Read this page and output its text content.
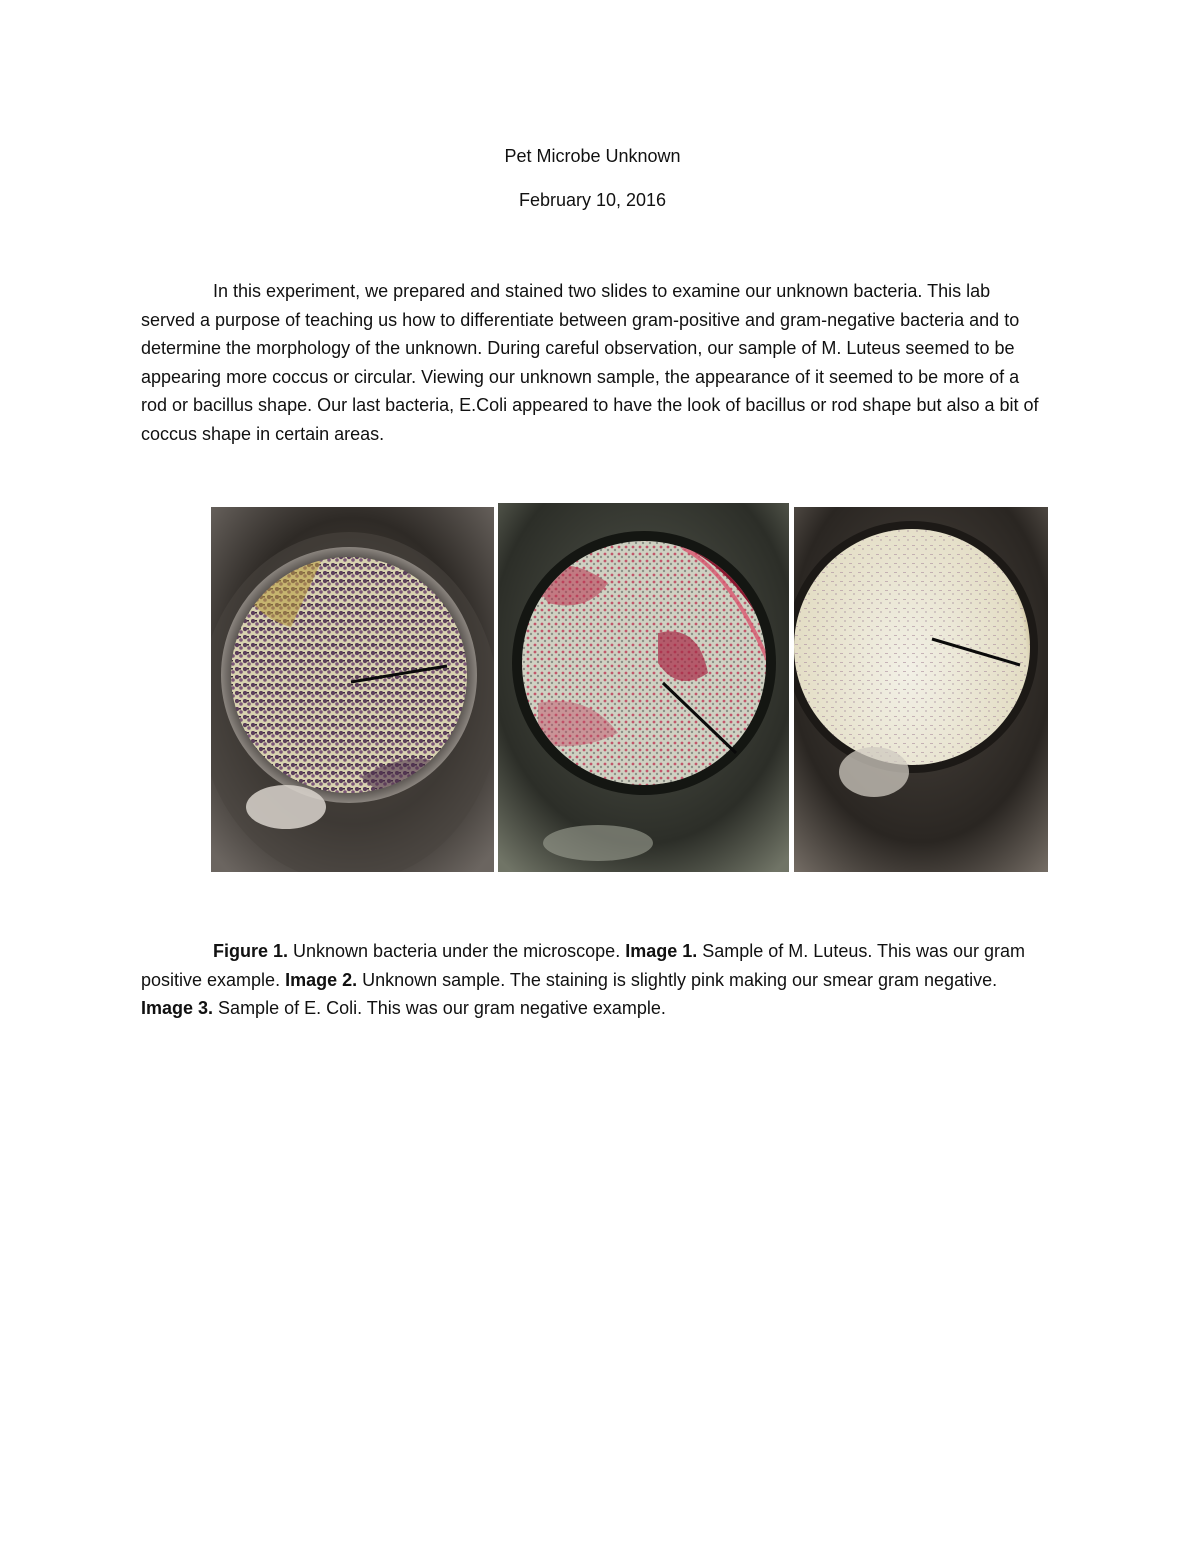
Pet Microbe Unknown
February 10, 2016

In this experiment, we prepared and stained two slides to examine our unknown bacteria. This lab served a purpose of teaching us how to differentiate between gram-positive and gram-negative bacteria and to determine the morphology of the unknown. During careful observation, our sample of M. Luteus seemed to be appearing more coccus or circular. Viewing our unknown sample, the appearance of it seemed to be more of a rod or bacillus shape. Our last bacteria, E.Coli appeared to have the look of bacillus or rod shape but also a bit of coccus shape in certain areas.

Figure 1. Unknown bacteria under the microscope. Image 1. Sample of M. Luteus. This was our gram positive example. Image 2. Unknown sample. The staining is slightly pink making our smear gram negative. Image 3. Sample of E. Coli. This was our gram negative example.
